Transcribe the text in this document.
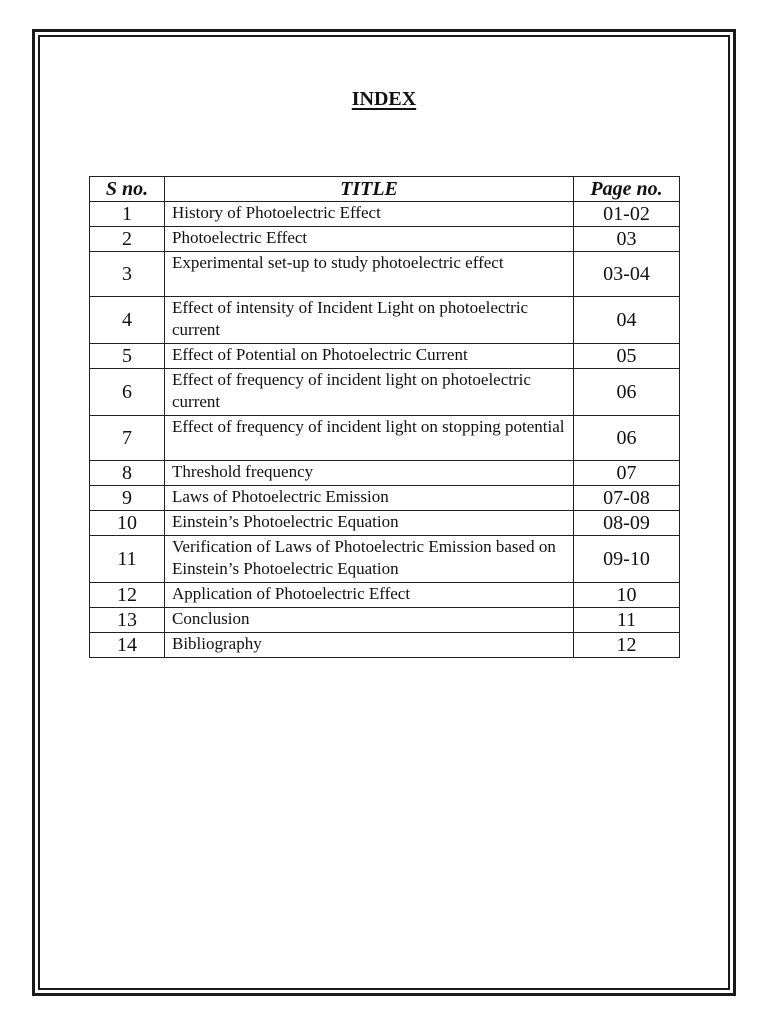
INDEX
S no.	TITLE	Page no.
1	History of Photoelectric Effect	01-02
2	Photoelectric Effect	03
3	Experimental set-up to study photoelectric effect	03-04
4	Effect of intensity of Incident Light on photoelectric current	04
5	Effect of Potential on Photoelectric Current	05
6	Effect of frequency of incident light on photoelectric current	06
7	Effect of frequency of incident light on stopping potential	06
8	Threshold frequency	07
9	Laws of Photoelectric Emission	07-08
10	Einstein’s Photoelectric Equation	08-09
11	Verification of Laws of Photoelectric Emission based on Einstein’s Photoelectric Equation	09-10
12	Application of Photoelectric Effect	10
13	Conclusion	11
14	Bibliography	12
